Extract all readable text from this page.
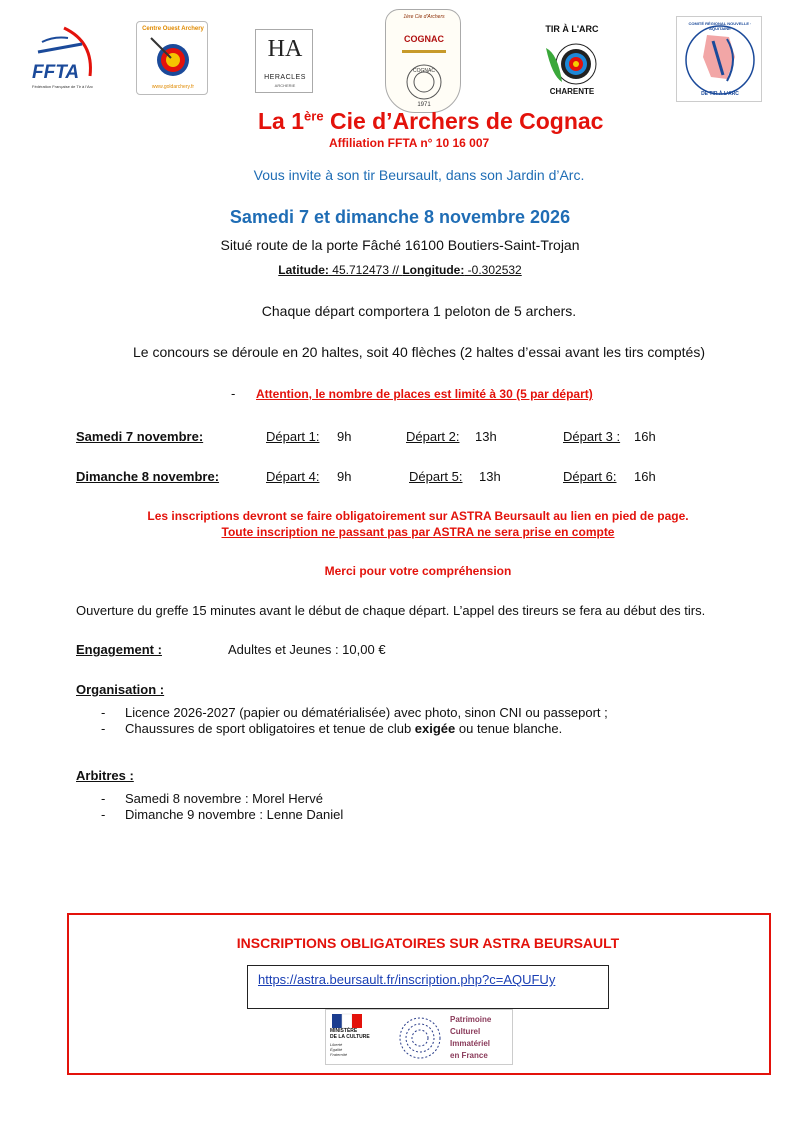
FFTA
Fédération Française de Tir à l'Arc
Centre Ouest Archery
www.goldarchery.fr
HA
HERACLES
ARCHERIE
1ère Cie d'Archers
COGNAC
COGNAC
1971
TIR À L'ARC
CHARENTE
COMITÉ RÉGIONAL NOUVELLE · AQUITAINE
DE TIR À L'ARC
La 1ère Cie d’Archers de Cognac
Affiliation FFTA n° 10 16 007
Vous invite à son tir Beursault, dans son Jardin d’Arc.
Samedi 7 et dimanche 8 novembre 2026
Situé route de la porte Fâché 16100 Boutiers-Saint-Trojan
Latitude: 45.712473 // Longitude: -0.302532
Chaque départ comportera 1 peloton de 5 archers.
Le concours se déroule en 20 haltes, soit 40 flèches (2 haltes d’essai avant les tirs comptés)
- Attention, le nombre de places est limité à 30 (5 par départ)
Samedi 7 novembre:	Départ 1: 9h	Départ 2: 13h	Départ 3 : 16h
Dimanche 8 novembre:	Départ 4: 9h	Départ 5: 13h	Départ 6: 16h
Les inscriptions devront se faire obligatoirement sur ASTRA Beursault au lien en pied de page.
Toute inscription ne passant pas par ASTRA ne sera prise en compte
Merci pour votre compréhension
Ouverture du greffe 15 minutes avant le début de chaque départ. L’appel des tireurs se fera au début des tirs.
Engagement :	Adultes et Jeunes : 10,00 €
Organisation :
- Licence 2026-2027 (papier ou dématérialisée) avec photo, sinon CNI ou passeport ;
- Chaussures de sport obligatoires et tenue de club exigée ou tenue blanche.
Arbitres :
- Samedi 8 novembre : Morel Hervé
- Dimanche 9 novembre : Lenne Daniel
INSCRIPTIONS OBLIGATOIRES SUR ASTRA BEURSAULT
https://astra.beursault.fr/inscription.php?c=AQUFUy
MINISTÈRE
DE LA CULTURE
Liberté
Égalité
Fraternité
Patrimoine
Culturel
Immatériel
en France
